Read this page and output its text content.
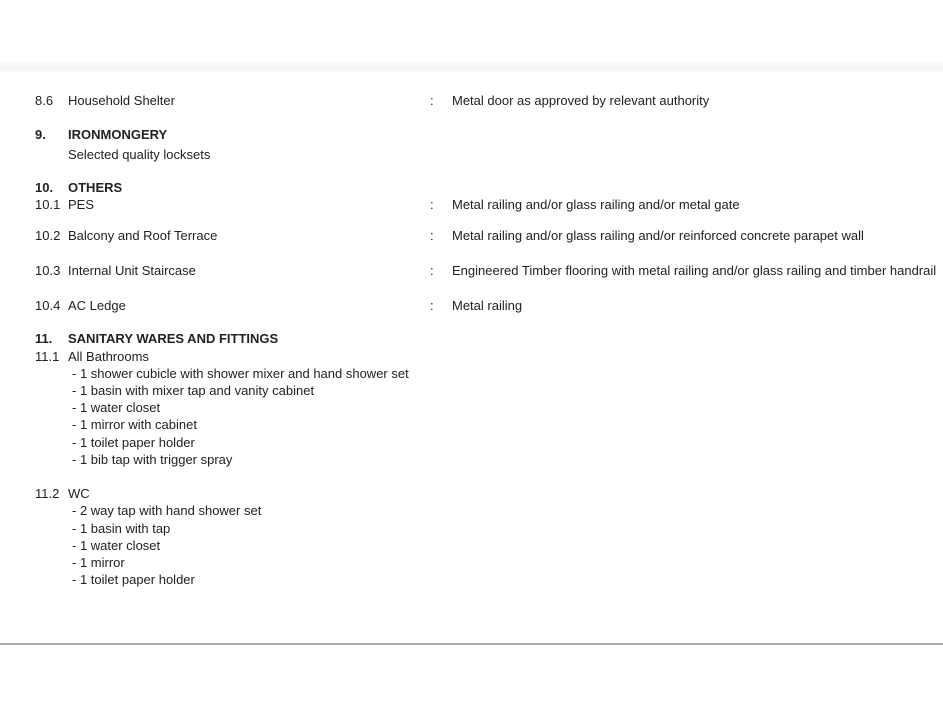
8.6 Household Shelter	: Metal door as approved by relevant authority
9. IRONMONGERY
Selected quality locksets
10. OTHERS
10.1 PES	: Metal railing and/or glass railing and/or metal gate
10.2 Balcony and Roof Terrace	: Metal railing and/or glass railing and/or reinforced concrete parapet wall
10.3 Internal Unit Staircase	: Engineered Timber flooring with metal railing and/or glass railing and timber handrail
10.4 AC Ledge	: Metal railing
11. SANITARY WARES AND FITTINGS
11.1 All Bathrooms
- 1 shower cubicle with shower mixer and hand shower set
- 1 basin with mixer tap and vanity cabinet
- 1 water closet
- 1 mirror with cabinet
- 1 toilet paper holder
- 1 bib tap with trigger spray
11.2 WC
- 2 way tap with hand shower set
- 1 basin with tap
- 1 water closet
- 1 mirror
- 1 toilet paper holder
